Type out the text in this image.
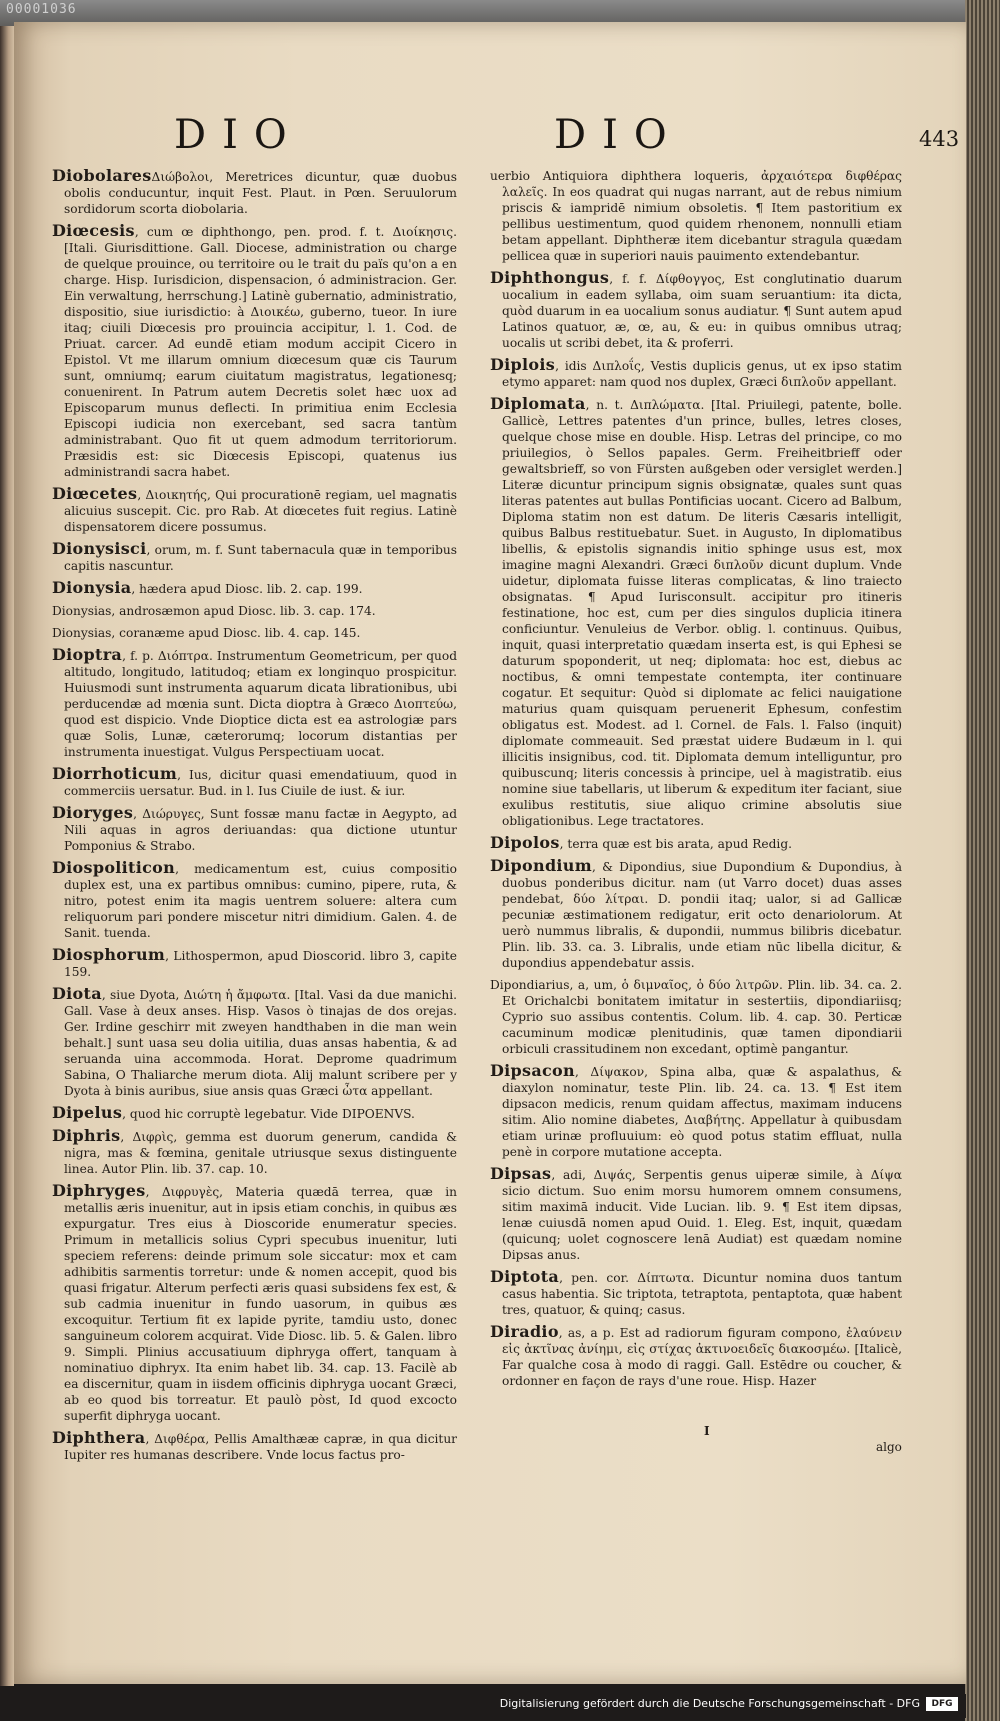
00001036
DIO	DIO	443

DiobolaresΔιώβολοι, Meretrices dicuntur, quæ duobus obolis conducuntur, inquit Fest. Plaut. in Pœn. Seruulorum sordidorum scorta diobolaria.

Diœcesis, cum œ diphthongo, pen. prod. f. t. Διοίκησις. [Itali. Giurisdittione. Gall. Diocese, administration ou charge de quelque prouince, ou territoire ou le trait du païs qu'on a en charge. Hisp. Iurisdicion, dispensacion, ó administracion. Ger. Ein verwaltung, herrschung.] Latinè gubernatio, administratio, dispositio, siue iurisdictio: à Διοικέω, guberno, tueor. In iure itaq; ciuili Diœcesis pro prouincia accipitur, l. 1. Cod. de Priuat. carcer. Ad eundē etiam modum accipit Cicero in Epistol. Vt me illarum omnium diœcesum quæ cis Taurum sunt, omniumq; earum ciuitatum magistratus, legationesq; conuenirent. In Patrum autem Decretis solet hæc uox ad Episcoparum munus deflecti. In primitiua enim Ecclesia Episcopi iudicia non exercebant, sed sacra tantùm administrabant. Quo fit ut quem admodum territoriorum. Præsidis est: sic Diœcesis Episcopi, quatenus ius administrandi sacra habet.

Diœcetes, Διοικητής, Qui procurationē regiam, uel magnatis alicuius suscepit. Cic. pro Rab. At diœcetes fuit regius. Latinè dispensatorem dicere possumus.

Dionysisci, orum, m. f. Sunt tabernacula quæ in temporibus capitis nascuntur.

Dionysia, hædera apud Diosc. lib. 2. cap. 199.

Dionysias, androsæmon apud Diosc. lib. 3. cap. 174.

Dionysias, coranæme apud Diosc. lib. 4. cap. 145.

Dioptra, f. p. Διόπτρα. Instrumentum Geometricum, per quod altitudo, longitudo, latitudoq; etiam ex longinquo prospicitur. Huiusmodi sunt instrumenta aquarum dicata librationibus, ubi perducendæ ad mœnia sunt. Dicta dioptra à Græco Διοπτεύω, quod est dispicio. Vnde Dioptice dicta est ea astrologiæ pars quæ Solis, Lunæ, cæterorumq; locorum distantias per instrumenta inuestigat. Vulgus Perspectiuam uocat.

Diorrhoticum, Ius, dicitur quasi emendatiuum, quod in commerciis uersatur. Bud. in l. Ius Ciuile de iust. & iur.

Dioryges, Διώρυγες, Sunt fossæ manu factæ in Aegypto, ad Nili aquas in agros deriuandas: qua dictione utuntur Pomponius & Strabo.

Diospoliticon, medicamentum est, cuius compositio duplex est, una ex partibus omnibus: cumino, pipere, ruta, & nitro, potest enim ita magis uentrem soluere: altera cum reliquorum pari pondere miscetur nitri dimidium. Galen. 4. de Sanit. tuenda.

Diosphorum, Lithospermon, apud Dioscorid. libro 3, capite 159.

Diota, siue Dyota, Διώτη ἡ ἄμφωτα. [Ital. Vasi da due manichi. Gall. Vase à deux anses. Hisp. Vasos ò tinajas de dos orejas. Ger. Irdine geschirr mit zweyen handthaben in die man wein behalt.] sunt uasa seu dolia uitilia, duas ansas habentia, & ad seruanda uina accommoda. Horat. Deprome quadrimum Sabina, O Thaliarche merum diota. Alij malunt scribere per y Dyota à binis auribus, siue ansis quas Græci ὦτα appellant.

Dipelus, quod hic corruptè legebatur. Vide DIPOENVS.

Diphris, Διφρὶς, gemma est duorum generum, candida & nigra, mas & fœmina, genitale utriusque sexus distinguente linea. Autor Plin. lib. 37. cap. 10.

Diphryges, Διφρυγὲς, Materia quædā terrea, quæ in metallis æris inuenitur, aut in ipsis etiam conchis, in quibus æs expurgatur. Tres eius à Dioscoride enumeratur species. Primum in metallicis solius Cypri specubus inuenitur, luti speciem referens: deinde primum sole siccatur: mox et cam adhibitis sarmentis torretur: unde & nomen accepit, quod bis quasi frigatur. Alterum perfecti æris quasi subsidens fex est, & sub cadmia inuenitur in fundo uasorum, in quibus æs excoquitur. Tertium fit ex lapide pyrite, tamdiu usto, donec sanguineum colorem acquirat. Vide Diosc. lib. 5. & Galen. libro 9. Simpli. Plinius accusatiuum diphryga offert, tanquam à nominatiuo diphryx. Ita enim habet lib. 34. cap. 13. Facilè ab ea discernitur, quam in iisdem officinis diphryga uocant Græci, ab eo quod bis torreatur. Et paulò pòst, Id quod excocto superfit diphryga uocant.

Diphthera, Διφθέρα, Pellis Amalthææ capræ, in qua dicitur Iupiter res humanas describere. Vnde locus factus pro-

uerbio Antiquiora diphthera loqueris, ἀρχαιότερα διφθέρας λαλεῖς. In eos quadrat qui nugas narrant, aut de rebus nimium priscis & iampridē nimium obsoletis. ¶ Item pastoritium ex pellibus uestimentum, quod quidem rhenonem, nonnulli etiam betam appellant. Diphtheræ item dicebantur stragula quædam pellicea quæ in superiori nauis pauimento extendebantur.

Diphthongus, f. f. Δίφθογγος, Est conglutinatio duarum uocalium in eadem syllaba, oim suam seruantium: ita dicta, quòd duarum in ea uocalium sonus audiatur. ¶ Sunt autem apud Latinos quatuor, æ, œ, au, & eu: in quibus omnibus utraq; uocalis ut scribi debet, ita & proferri.

Diplois, idis Διπλοΐς, Vestis duplicis genus, ut ex ipso statim etymo apparet: nam quod nos duplex, Græci διπλοῦν appellant.

Diplomata, n. t. Διπλώματα. [Ital. Priuilegi, patente, bolle. Gallicè, Lettres patentes d'un prince, bulles, letres closes, quelque chose mise en double. Hisp. Letras del principe, co mo priuilegios, ò Sellos papales. Germ. Freiheitbrieff oder gewaltsbrieff, so von Fürsten außgeben oder versiglet werden.] Literæ dicuntur principum signis obsignatæ, quales sunt quas literas patentes aut bullas Pontificias uocant. Cicero ad Balbum, Diploma statim non est datum. De literis Cæsaris intelligit, quibus Balbus restituebatur. Suet. in Augusto, In diplomatibus libellis, & epistolis signandis initio sphinge usus est, mox imagine magni Alexandri. Græci διπλοῦν dicunt duplum. Vnde uidetur, diplomata fuisse literas complicatas, & lino traiecto obsignatas. ¶ Apud Iurisconsult. accipitur pro itineris festinatione, hoc est, cum per dies singulos duplicia itinera conficiuntur. Venuleius de Verbor. oblig. l. continuus. Quibus, inquit, quasi interpretatio quædam inserta est, is qui Ephesi se daturum spoponderit, ut neq; diplomata: hoc est, diebus ac noctibus, & omni tempestate contempta, iter continuare cogatur. Et sequitur: Quòd si diplomate ac felici nauigatione maturius quam quisquam peruenerit Ephesum, confestim obligatus est. Modest. ad l. Cornel. de Fals. l. Falso (inquit) diplomate commeauit. Sed præstat uidere Budæum in l. qui illicitis insignibus, cod. tit. Diplomata demum intelliguntur, pro quibuscunq; literis concessis à principe, uel à magistratib. eius nomine siue tabellaris, ut liberum & expeditum iter faciant, siue exulibus restitutis, siue aliquo crimine absolutis siue obligationibus. Lege tractatores.

Dipolos, terra quæ est bis arata, apud Redig.

Dipondium, & Dipondius, siue Dupondium & Dupondius, à duobus ponderibus dicitur. nam (ut Varro docet) duas asses pendebat, δύο λίτραι. D. pondii itaq; ualor, si ad Gallicæ pecuniæ æstimationem redigatur, erit octo denariolorum. At uerò nummus libralis, & dupondii, nummus bilibris dicebatur. Plin. lib. 33. ca. 3. Libralis, unde etiam nūc libella dicitur, & dupondius appendebatur assis.

Dipondiarius, a, um, ὁ διμναῖος, ὁ δύο λιτρῶν. Plin. lib. 34. ca. 2. Et Orichalcbi bonitatem imitatur in sestertiis, dipondiariisq; Cyprio suo assibus contentis. Colum. lib. 4. cap. 30. Perticæ cacuminum modicæ plenitudinis, quæ tamen dipondiarii orbiculi crassitudinem non excedant, optimè pangantur.

Dipsacon, Δίψακον, Spina alba, quæ & aspalathus, & diaxylon nominatur, teste Plin. lib. 24. ca. 13. ¶ Est item dipsacon medicis, renum quidam affectus, maximam inducens sitim. Alio nomine diabetes, Διαβήτης. Appellatur à quibusdam etiam urinæ profluuium: eò quod potus statim effluat, nulla penè in corpore mutatione accepta.

Dipsas, adi, Διψάς, Serpentis genus uiperæ simile, à Δίψα sicio dictum. Suo enim morsu humorem omnem consumens, sitim maximā inducit. Vide Lucian. lib. 9. ¶ Est item dipsas, lenæ cuiusdā nomen apud Ouid. 1. Eleg. Est, inquit, quædam (quicunq; uolet cognoscere lenā Audiat) est quædam nomine Dipsas anus.

Diptota, pen. cor. Δίπτωτα. Dicuntur nomina duos tantum casus habentia. Sic triptota, tetraptota, pentaptota, quæ habent tres, quatuor, & quinq; casus.

Diradio, as, a p. Est ad radiorum figuram compono, ἐλαύνειν εἰς ἀκτῖνας ἀνίημι, εἰς στίχας ἀκτινοειδεῖς διακοσμέω. [Italicè, Far qualche cosa à modo di raggi. Gall. Estēdre ou coucher, & ordonner en façon de rays d'une roue. Hisp. Hazer

I
algo
Digitalisierung gefördert durch die Deutsche Forschungsgemeinschaft - DFG	DFG
